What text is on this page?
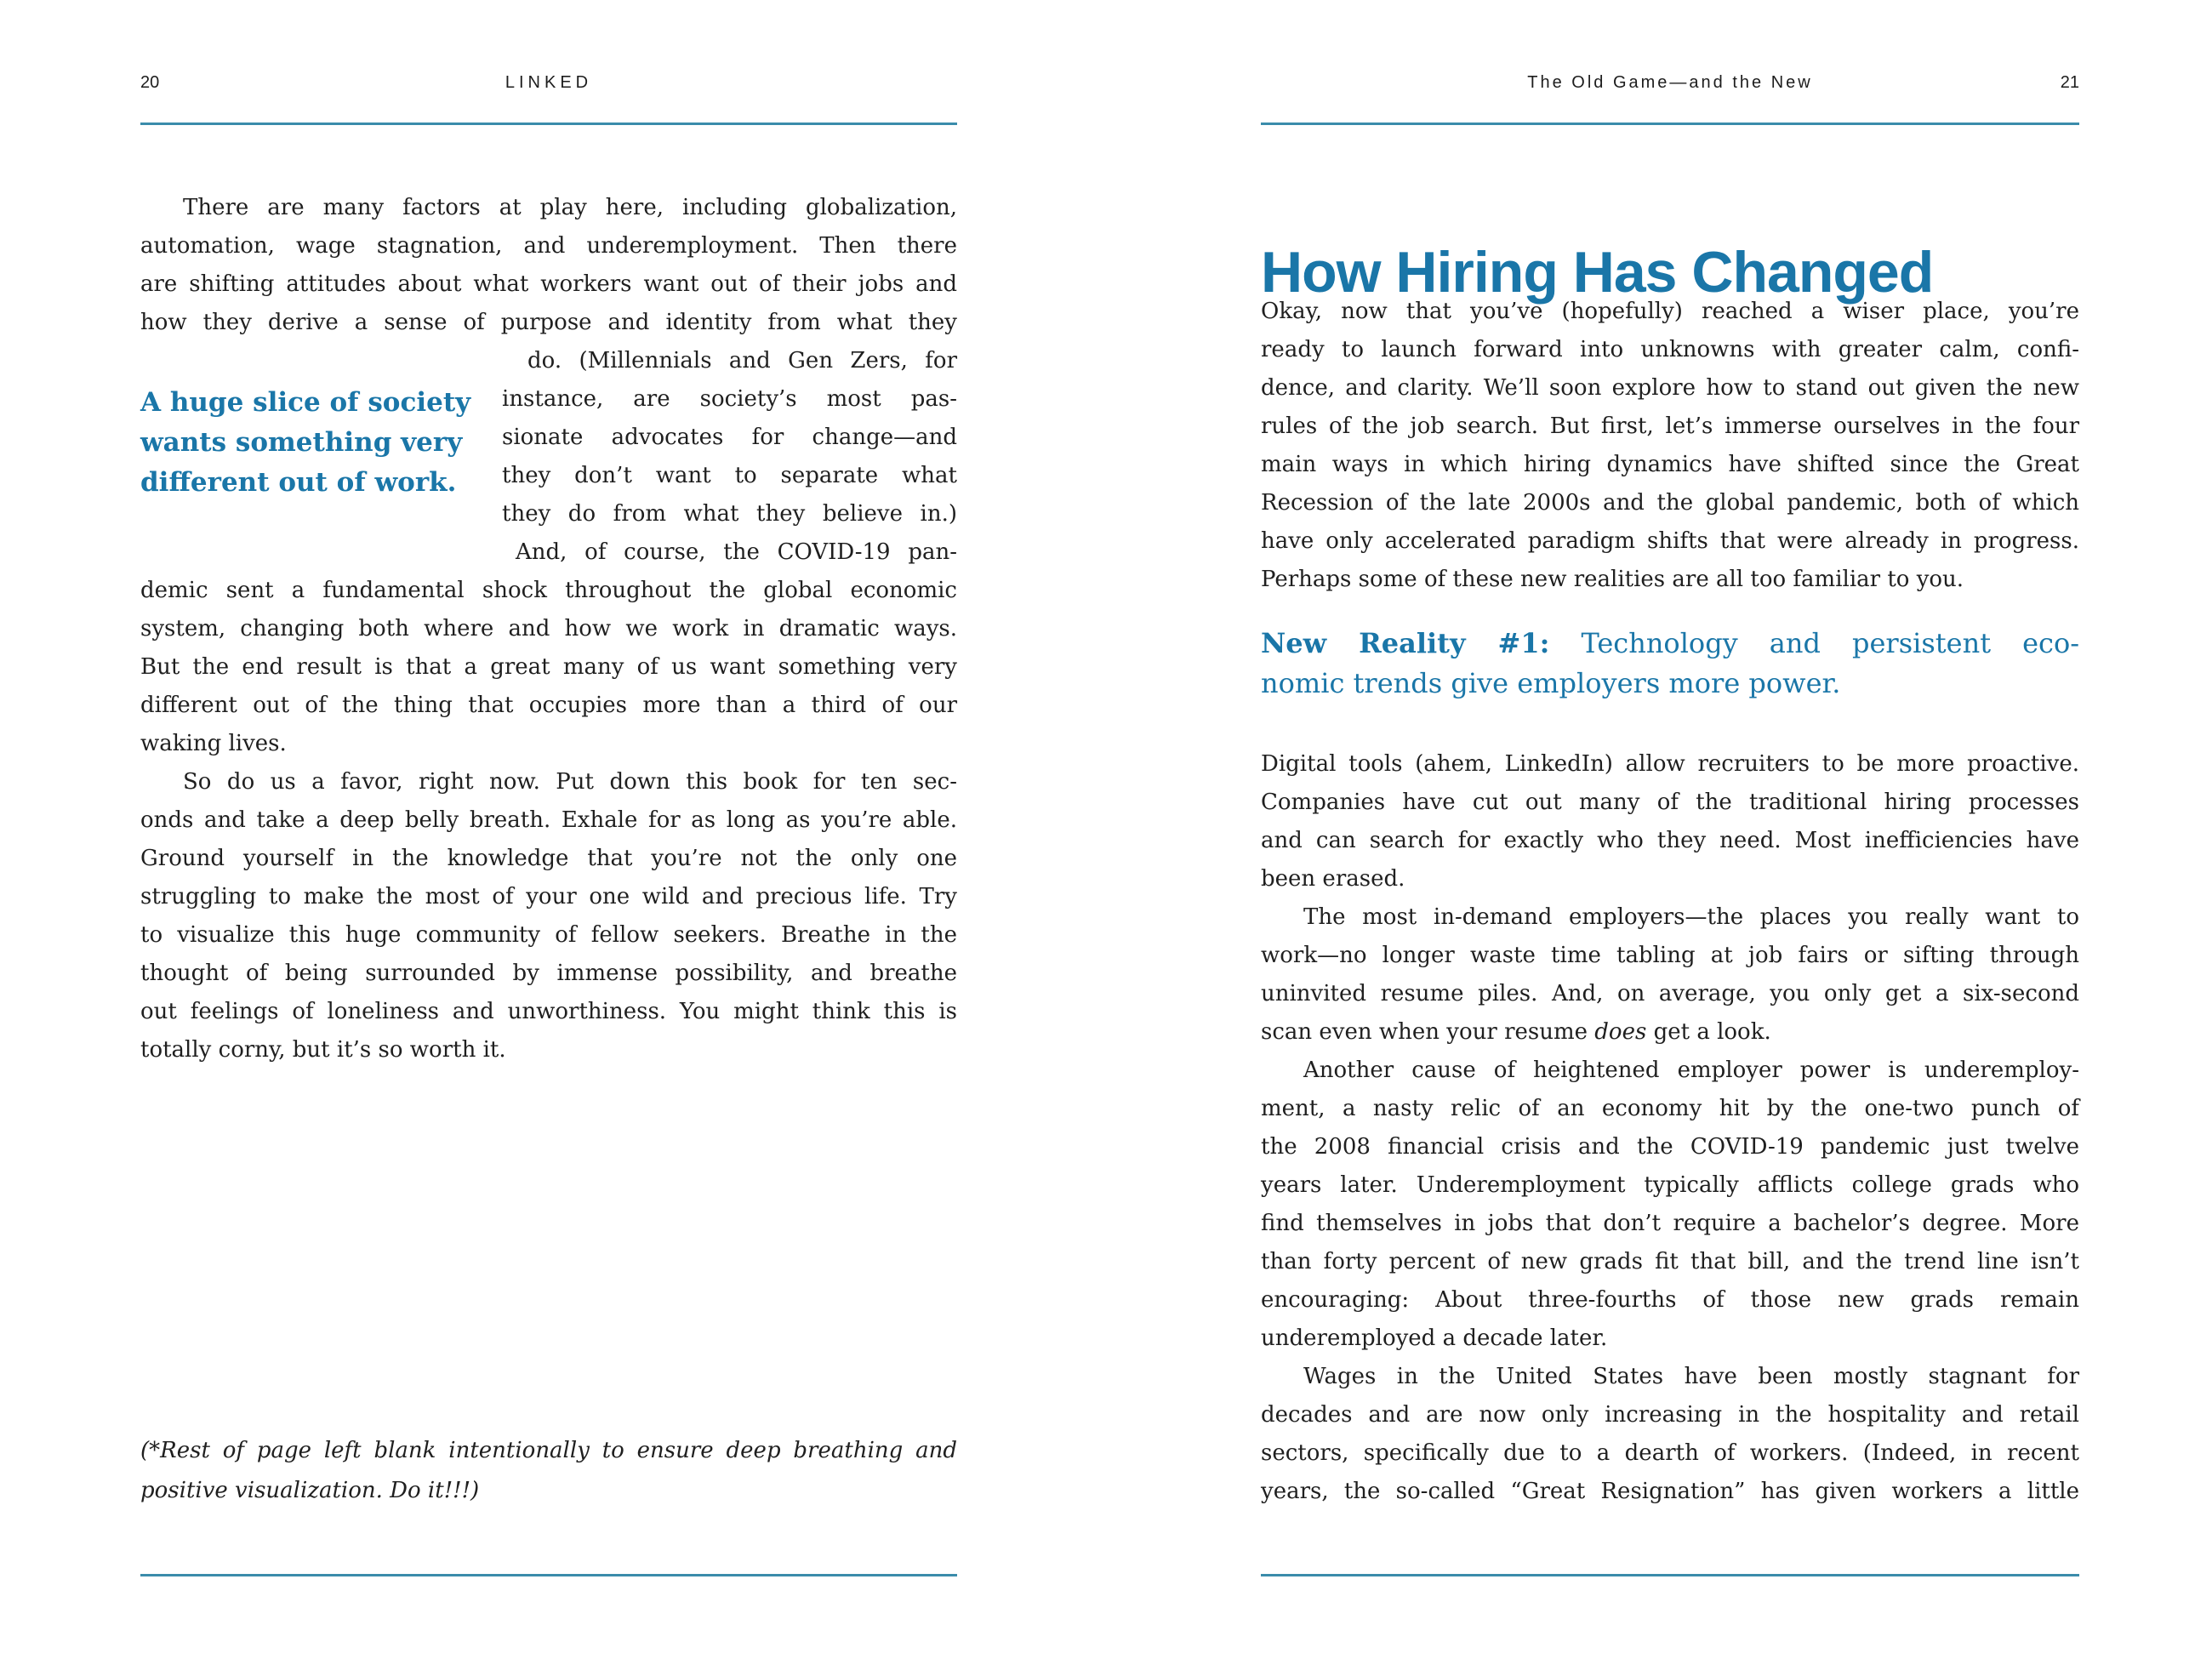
20	LINKED
There are many factors at play here, including globalization,
automation, wage stagnation, and underemployment. Then there
are shifting attitudes about what workers want out of their jobs and
how they derive a sense of purpose and identity from what they
A huge slice of society
wants something very
different out of work.
do. (Millennials and Gen Zers, for
instance, are society’s most pas-
sionate advocates for change—and
they don’t want to separate what
they do from what they believe in.)
And, of course, the COVID-19 pan-
demic sent a fundamental shock throughout the global economic
system, changing both where and how we work in dramatic ways.
But the end result is that a great many of us want something very
different out of the thing that occupies more than a third of our
waking lives.
So do us a favor, right now. Put down this book for ten sec-
onds and take a deep belly breath. Exhale for as long as you’re able.
Ground yourself in the knowledge that you’re not the only one
struggling to make the most of your one wild and precious life. Try
to visualize this huge community of fellow seekers. Breathe in the
thought of being surrounded by immense possibility, and breathe
out feelings of loneliness and unworthiness. You might think this is
totally corny, but it’s so worth it.
(*Rest of page left blank intentionally to ensure deep breathing and
positive visualization. Do it!!!)
The Old Game—and the New	21
How Hiring Has Changed
Okay, now that you’ve (hopefully) reached a wiser place, you’re
ready to launch forward into unknowns with greater calm, confi-
dence, and clarity. We’ll soon explore how to stand out given the new
rules of the job search. But first, let’s immerse ourselves in the four
main ways in which hiring dynamics have shifted since the Great
Recession of the late 2000s and the global pandemic, both of which
have only accelerated paradigm shifts that were already in progress.
Perhaps some of these new realities are all too familiar to you.
New Reality #1: Technology and persistent eco-
nomic trends give employers more power.
Digital tools (ahem, LinkedIn) allow recruiters to be more proactive.
Companies have cut out many of the traditional hiring processes
and can search for exactly who they need. Most inefficiencies have
been erased.
The most in-demand employers—the places you really want to
work—no longer waste time tabling at job fairs or sifting through
uninvited resume piles. And, on average, you only get a six-second
scan even when your resume does get a look.
Another cause of heightened employer power is underemploy-
ment, a nasty relic of an economy hit by the one-two punch of
the 2008 financial crisis and the COVID-19 pandemic just twelve
years later. Underemployment typically afflicts college grads who
find themselves in jobs that don’t require a bachelor’s degree. More
than forty percent of new grads fit that bill, and the trend line isn’t
encouraging: About three-fourths of those new grads remain
underemployed a decade later.
Wages in the United States have been mostly stagnant for
decades and are now only increasing in the hospitality and retail
sectors, specifically due to a dearth of workers. (Indeed, in recent
years, the so-called “Great Resignation” has given workers a little
